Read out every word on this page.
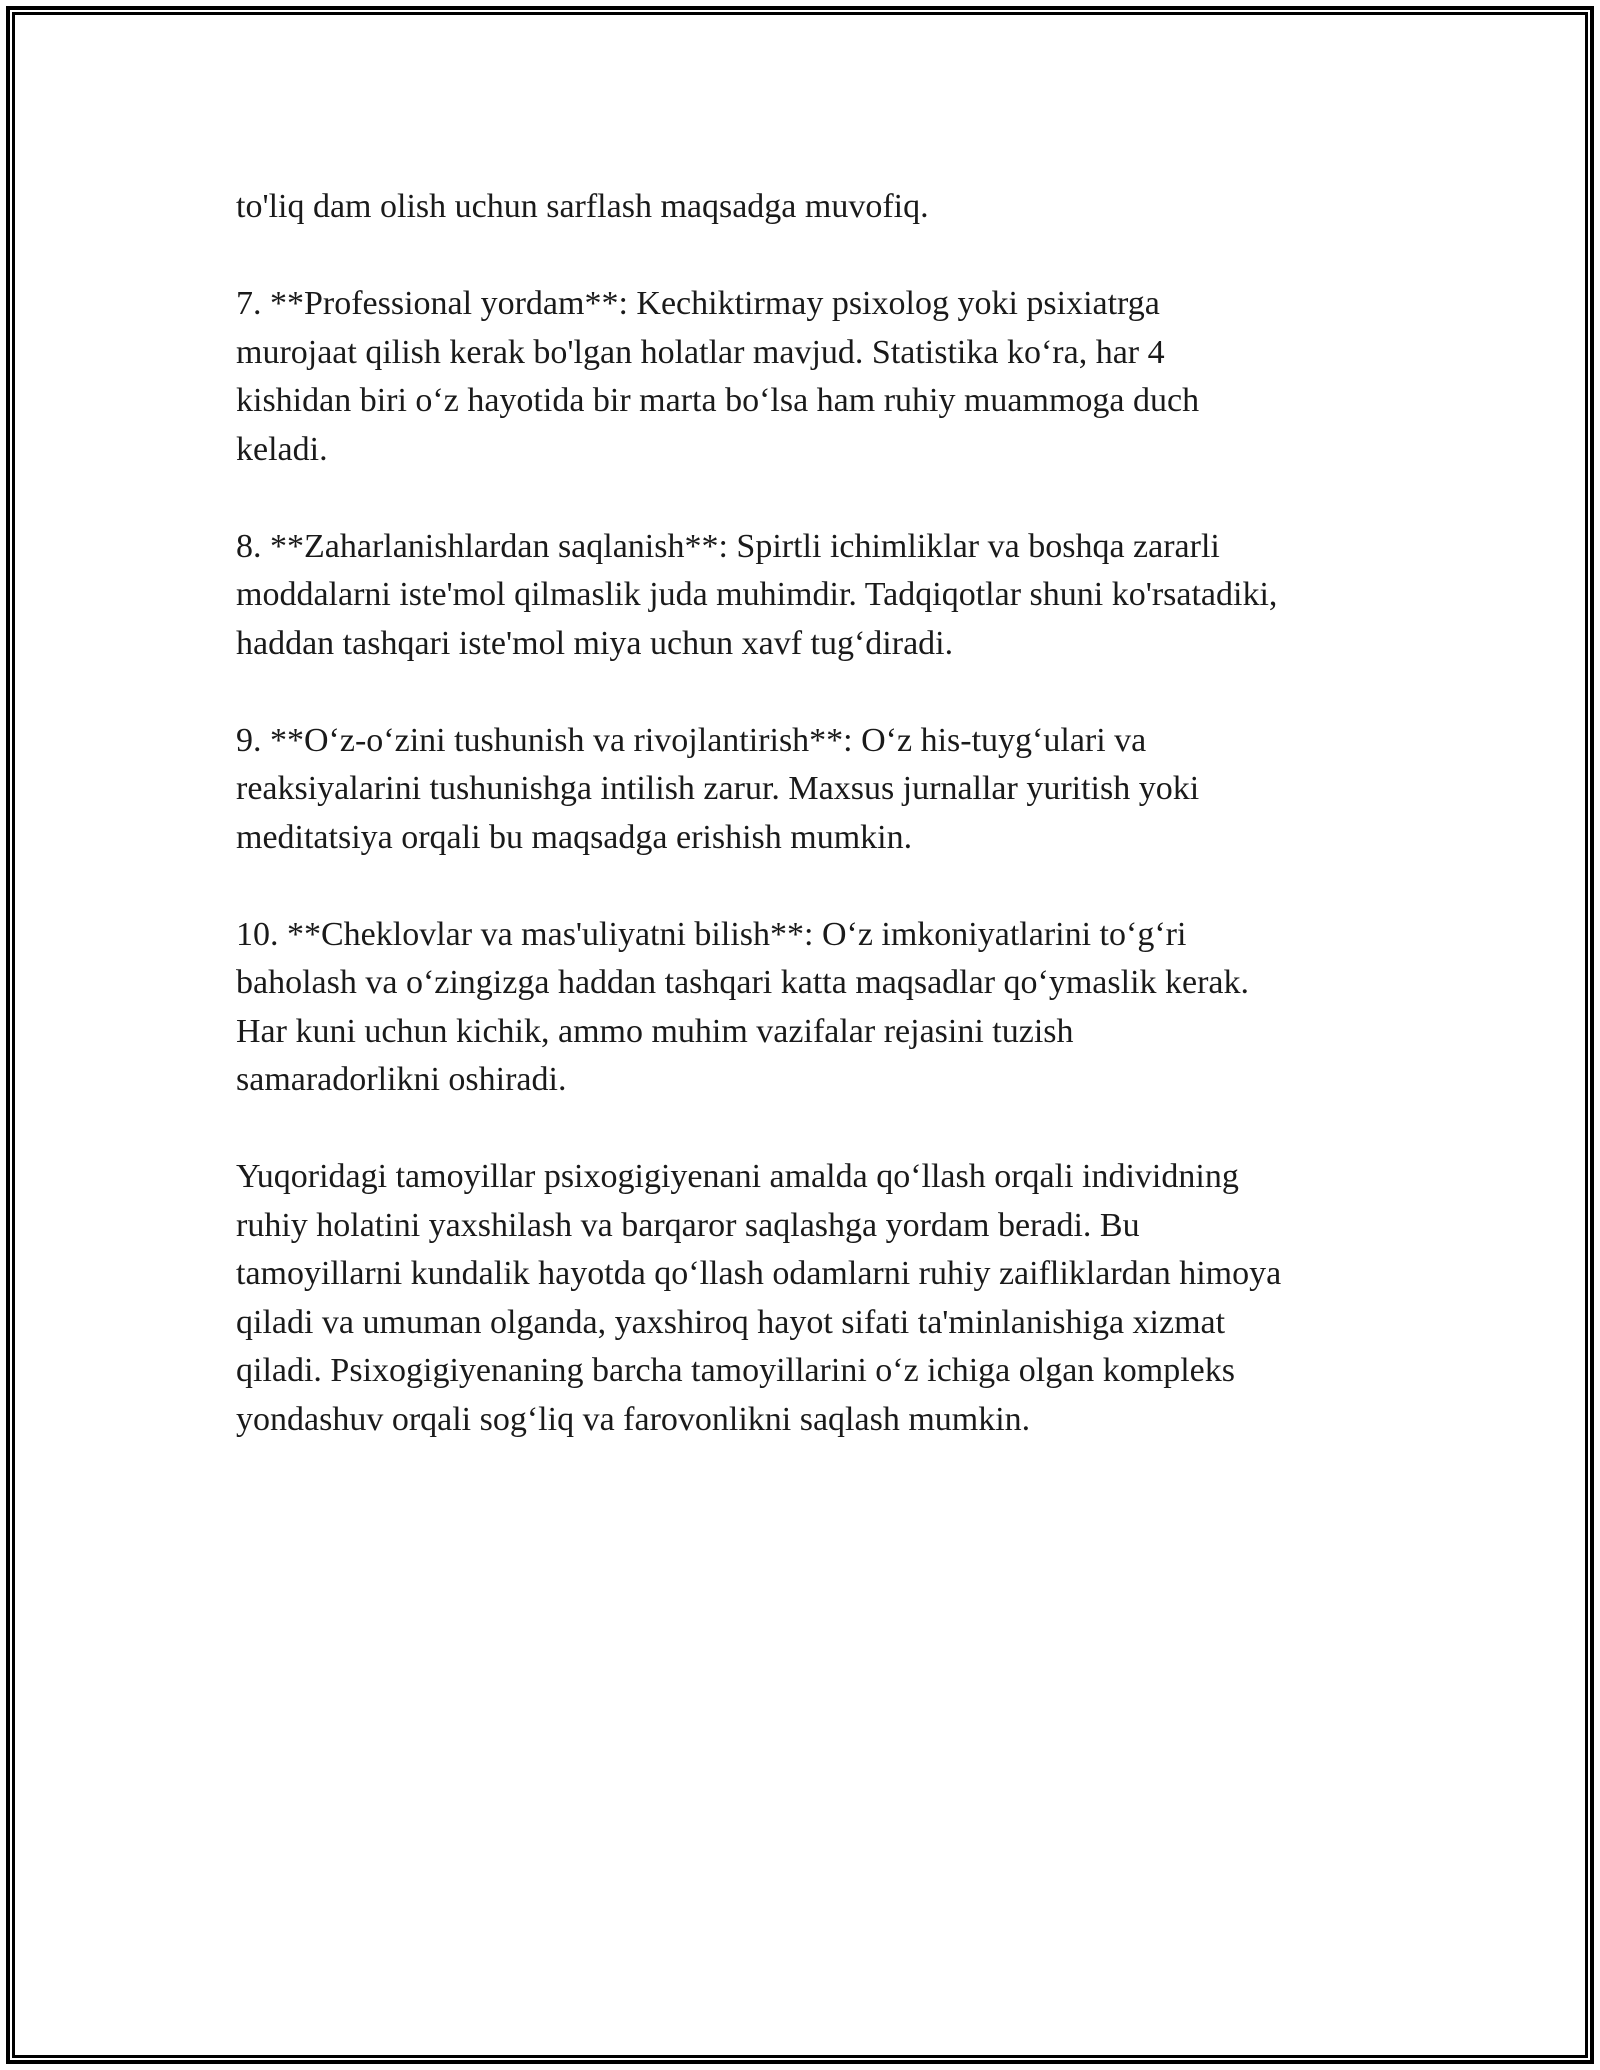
to'liq dam olish uchun sarflash maqsadga muvofiq.

7. **Professional yordam**: Kechiktirmay psixolog yoki psixiatrga
murojaat qilish kerak bo'lgan holatlar mavjud. Statistika ko‘ra, har 4
kishidan biri o‘z hayotida bir marta bo‘lsa ham ruhiy muammoga duch
keladi.

8. **Zaharlanishlardan saqlanish**: Spirtli ichimliklar va boshqa zararli
moddalarni iste'mol qilmaslik juda muhimdir. Tadqiqotlar shuni ko'rsatadiki,
haddan tashqari iste'mol miya uchun xavf tug‘diradi.

9. **O‘z-o‘zini tushunish va rivojlantirish**: O‘z his-tuyg‘ulari va
reaksiyalarini tushunishga intilish zarur. Maxsus jurnallar yuritish yoki
meditatsiya orqali bu maqsadga erishish mumkin.

10. **Cheklovlar va mas'uliyatni bilish**: O‘z imkoniyatlarini to‘g‘ri
baholash va o‘zingizga haddan tashqari katta maqsadlar qo‘ymaslik kerak.
Har kuni uchun kichik, ammo muhim vazifalar rejasini tuzish
samaradorlikni oshiradi.

Yuqoridagi tamoyillar psixogigiyenani amalda qo‘llash orqali individning
ruhiy holatini yaxshilash va barqaror saqlashga yordam beradi. Bu
tamoyillarni kundalik hayotda qo‘llash odamlarni ruhiy zaifliklardan himoya
qiladi va umuman olganda, yaxshiroq hayot sifati ta'minlanishiga xizmat
qiladi. Psixogigiyenaning barcha tamoyillarini o‘z ichiga olgan kompleks
yondashuv orqali sog‘liq va farovonlikni saqlash mumkin.
